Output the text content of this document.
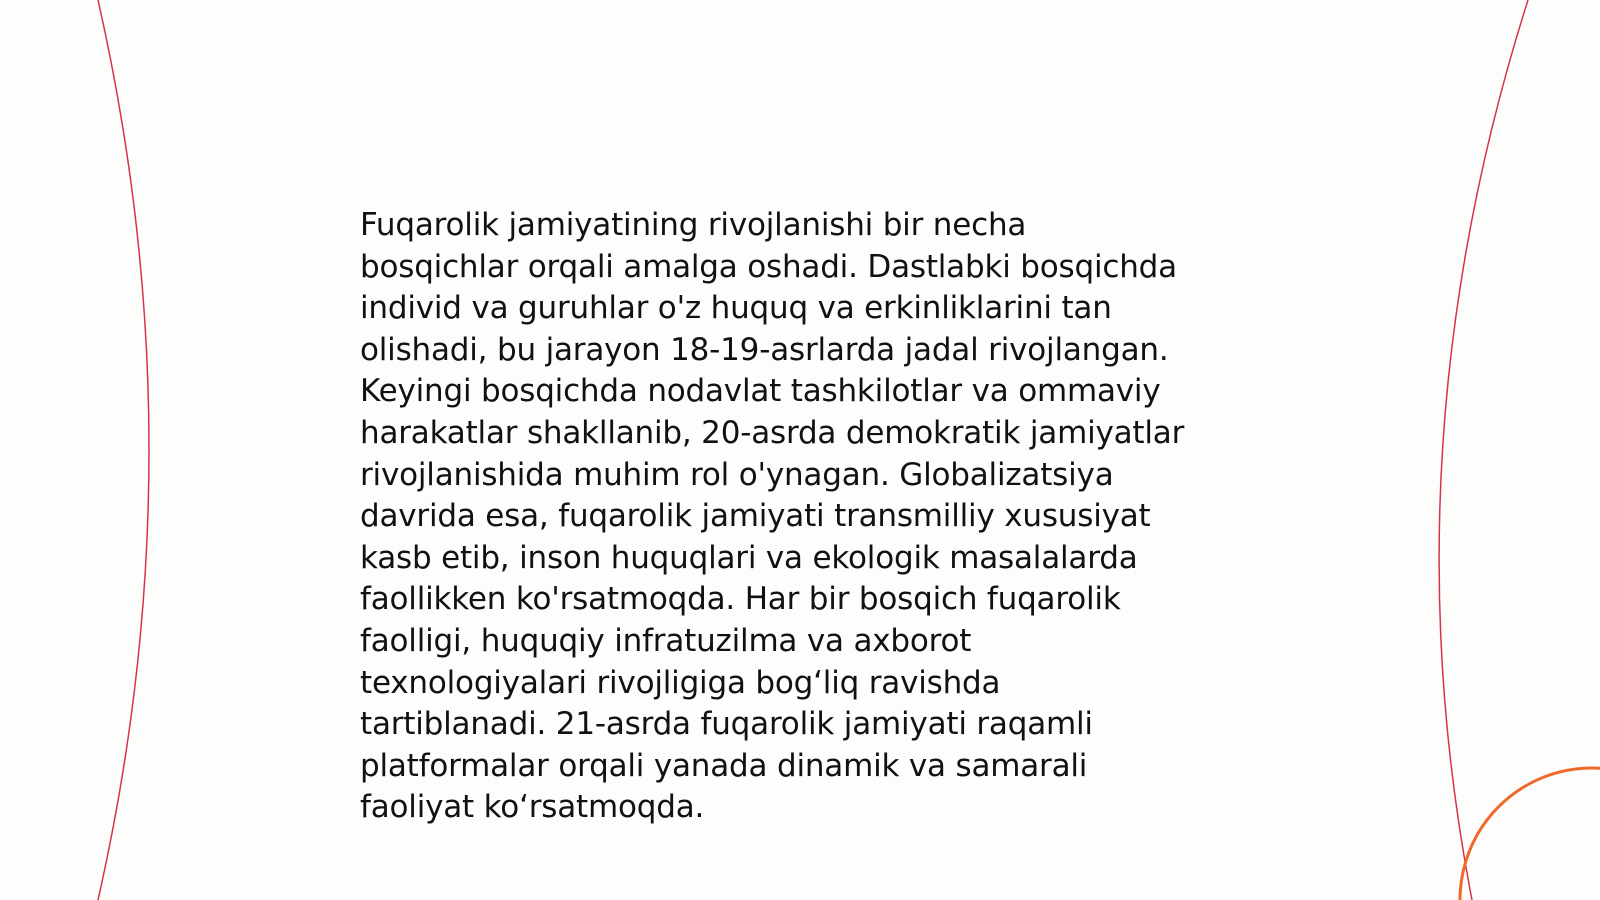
Fuqarolik jamiyatining rivojlanishi bir necha
bosqichlar orqali amalga oshadi. Dastlabki bosqichda
individ va guruhlar o'z huquq va erkinliklarini tan
olishadi, bu jarayon 18-19-asrlarda jadal rivojlangan.
Keyingi bosqichda nodavlat tashkilotlar va ommaviy
harakatlar shakllanib, 20-asrda demokratik jamiyatlar
rivojlanishida muhim rol o'ynagan. Globalizatsiya
davrida esa, fuqarolik jamiyati transmilliy xususiyat
kasb etib, inson huquqlari va ekologik masalalarda
faollikken ko'rsatmoqda. Har bir bosqich fuqarolik
faolligi, huquqiy infratuzilma va axborot
texnologiyalari rivojligiga bog‘liq ravishda
tartiblanadi. 21-asrda fuqarolik jamiyati raqamli
platformalar orqali yanada dinamik va samarali
faoliyat ko‘rsatmoqda.
